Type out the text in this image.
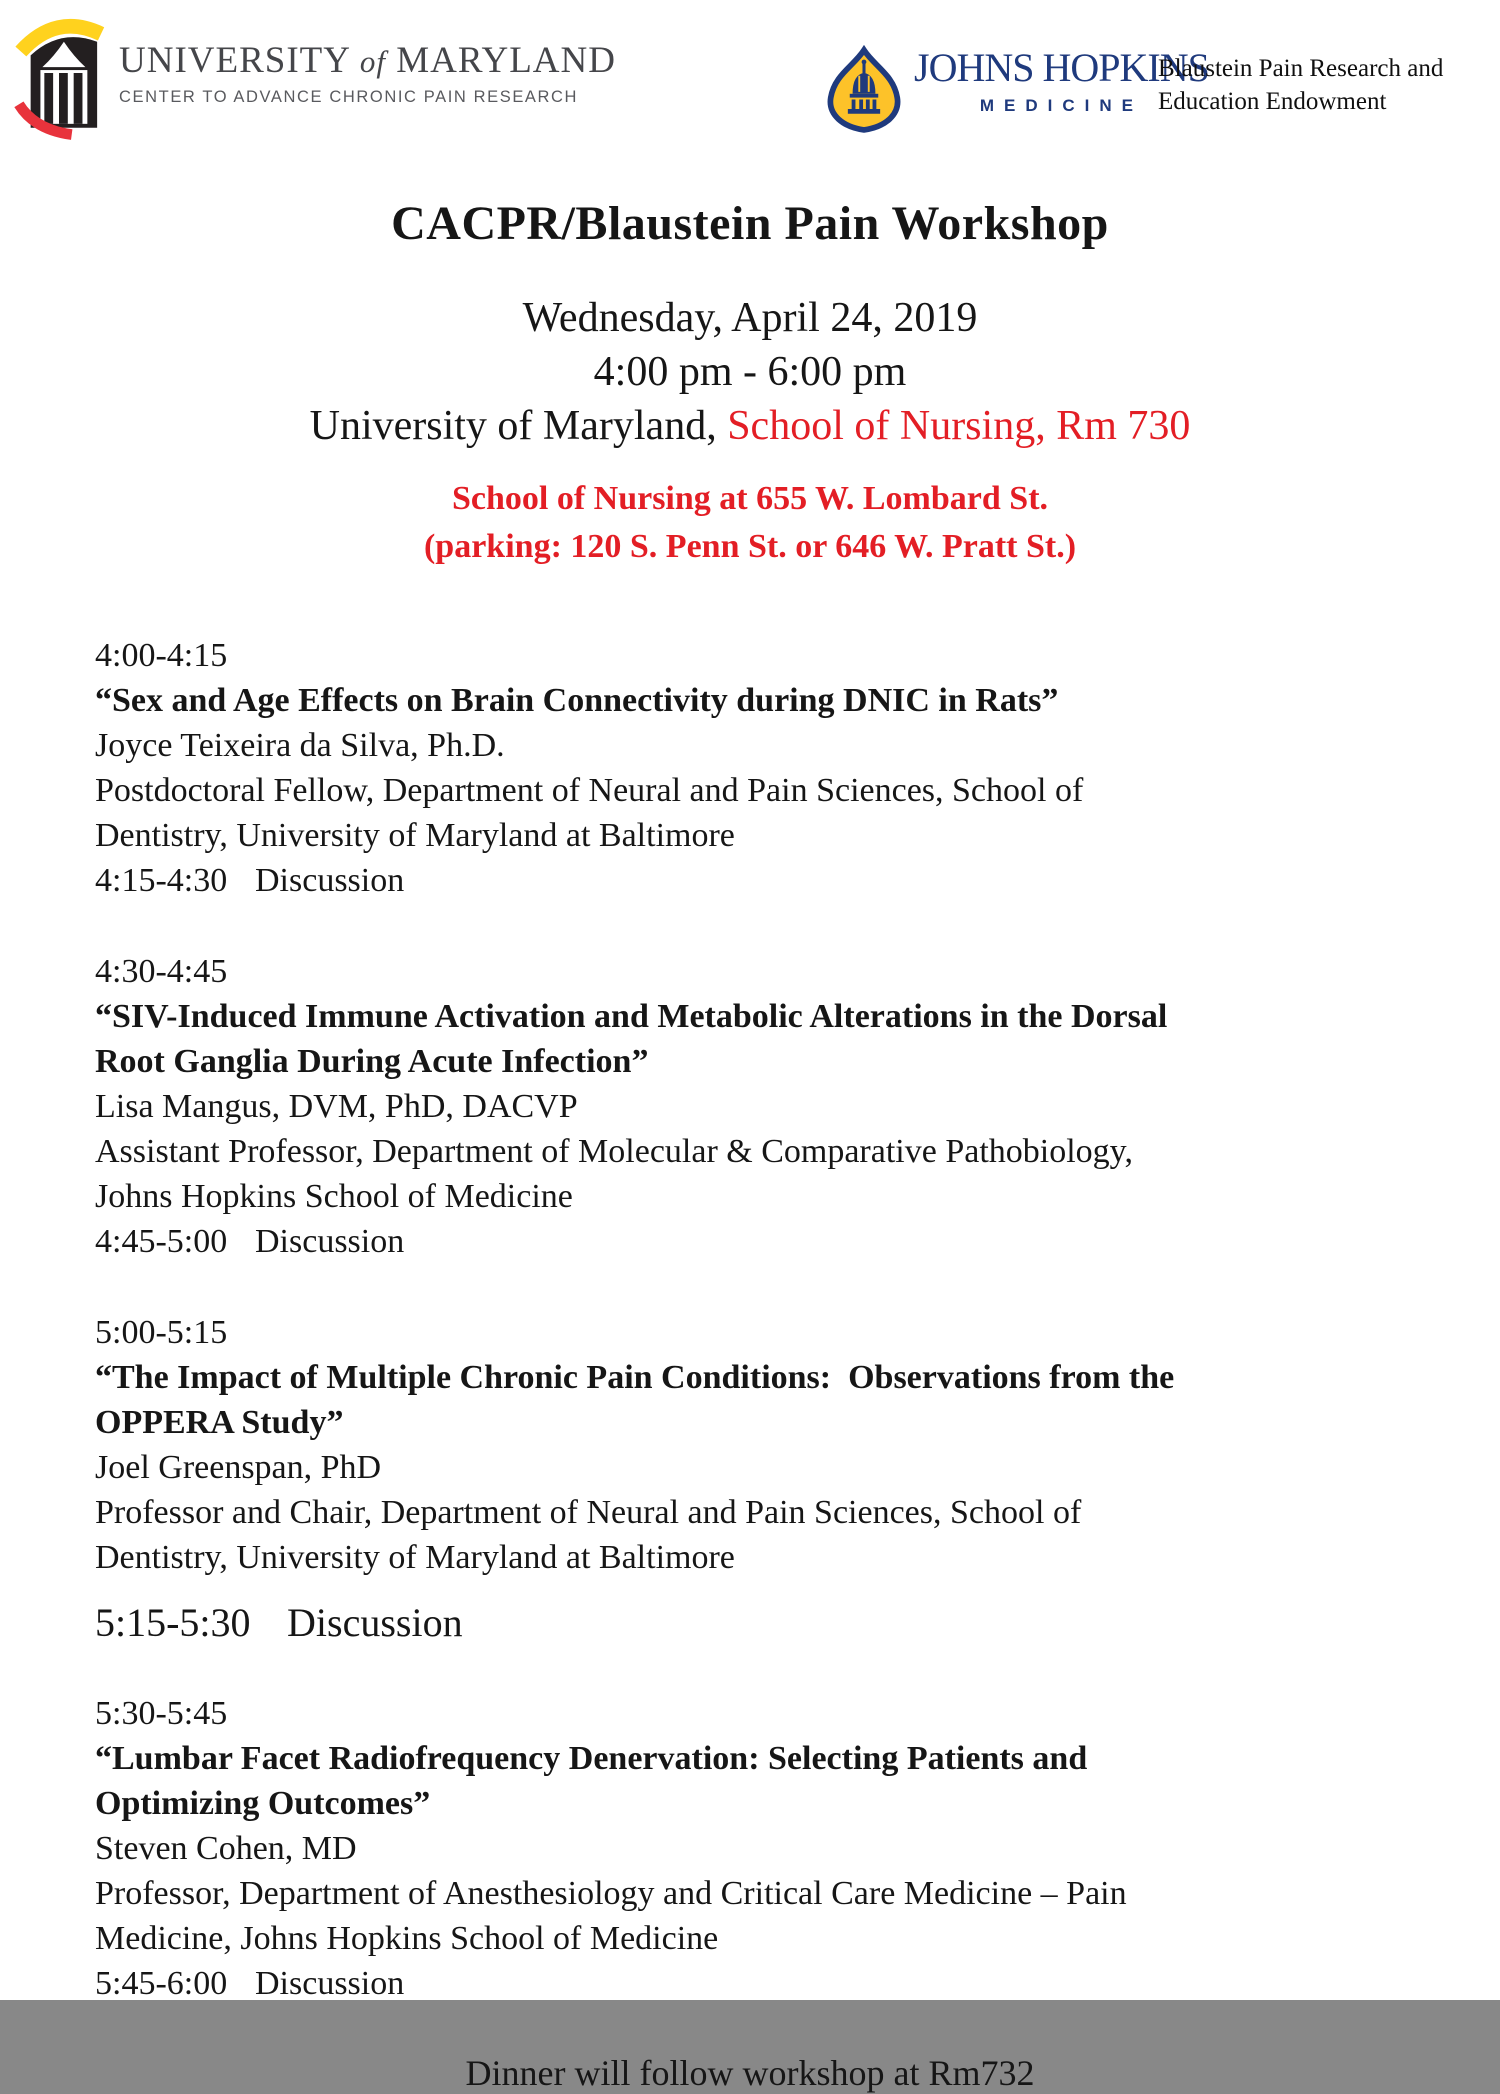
UNIVERSITY of MARYLAND
CENTER TO ADVANCE CHRONIC PAIN RESEARCH
JOHNS HOPKINS
MEDICINE
Blaustein Pain Research and
Education Endowment
CACPR/Blaustein Pain Workshop
Wednesday, April 24, 2019
4:00 pm - 6:00 pm
University of Maryland, School of Nursing, Rm 730
School of Nursing at 655 W. Lombard St.
(parking: 120 S. Penn St. or 646 W. Pratt St.)
4:00-4:15
“Sex and Age Effects on Brain Connectivity during DNIC in Rats”
Joyce Teixeira da Silva, Ph.D.
Postdoctoral Fellow, Department of Neural and Pain Sciences, School of
Dentistry, University of Maryland at Baltimore
4:15-4:30 Discussion
4:30-4:45
“SIV-Induced Immune Activation and Metabolic Alterations in the Dorsal
Root Ganglia During Acute Infection”
Lisa Mangus, DVM, PhD, DACVP
Assistant Professor, Department of Molecular & Comparative Pathobiology,
Johns Hopkins School of Medicine
4:45-5:00 Discussion
5:00-5:15
“The Impact of Multiple Chronic Pain Conditions:  Observations from the
OPPERA Study”
Joel Greenspan, PhD
Professor and Chair, Department of Neural and Pain Sciences, School of
Dentistry, University of Maryland at Baltimore
5:15-5:30 Discussion
5:30-5:45
“Lumbar Facet Radiofrequency Denervation: Selecting Patients and
Optimizing Outcomes”
Steven Cohen, MD
Professor, Department of Anesthesiology and Critical Care Medicine – Pain
Medicine, Johns Hopkins School of Medicine
5:45-6:00 Discussion
Dinner will follow workshop at Rm732
